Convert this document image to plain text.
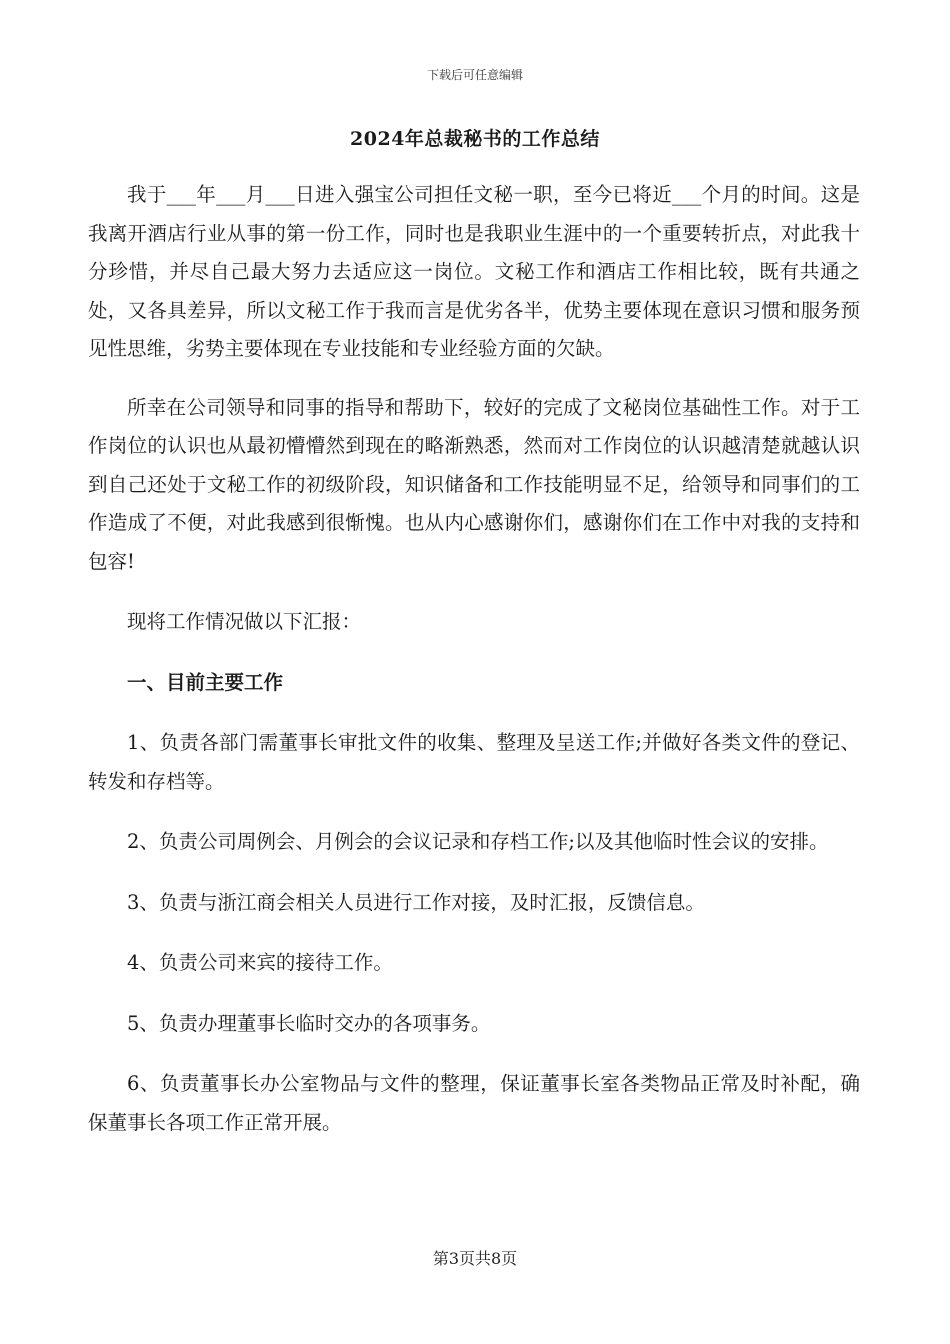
下载后可任意编辑
2024年总裁秘书的工作总结

我于___年___月___日进入强宝公司担任文秘一职，至今已将近___个月的时间。这是我离开酒店行业从事的第一份工作，同时也是我职业生涯中的一个重要转折点，对此我十分珍惜，并尽自己最大努力去适应这一岗位。文秘工作和酒店工作相比较，既有共通之处，又各具差异，所以文秘工作于我而言是优劣各半，优势主要体现在意识习惯和服务预见性思维，劣势主要体现在专业技能和专业经验方面的欠缺。

所幸在公司领导和同事的指导和帮助下，较好的完成了文秘岗位基础性工作。对于工作岗位的认识也从最初懵懵然到现在的略渐熟悉，然而对工作岗位的认识越清楚就越认识到自己还处于文秘工作的初级阶段，知识储备和工作技能明显不足，给领导和同事们的工作造成了不便，对此我感到很惭愧。也从内心感谢你们，感谢你们在工作中对我的支持和包容!

现将工作情况做以下汇报：

一、目前主要工作

1、负责各部门需董事长审批文件的收集、整理及呈送工作;并做好各类文件的登记、转发和存档等。

2、负责公司周例会、月例会的会议记录和存档工作;以及其他临时性会议的安排。

3、负责与浙江商会相关人员进行工作对接，及时汇报，反馈信息。

4、负责公司来宾的接待工作。

5、负责办理董事长临时交办的各项事务。

6、负责董事长办公室物品与文件的整理，保证董事长室各类物品正常及时补配，确保董事长各项工作正常开展。

第3页共8页
